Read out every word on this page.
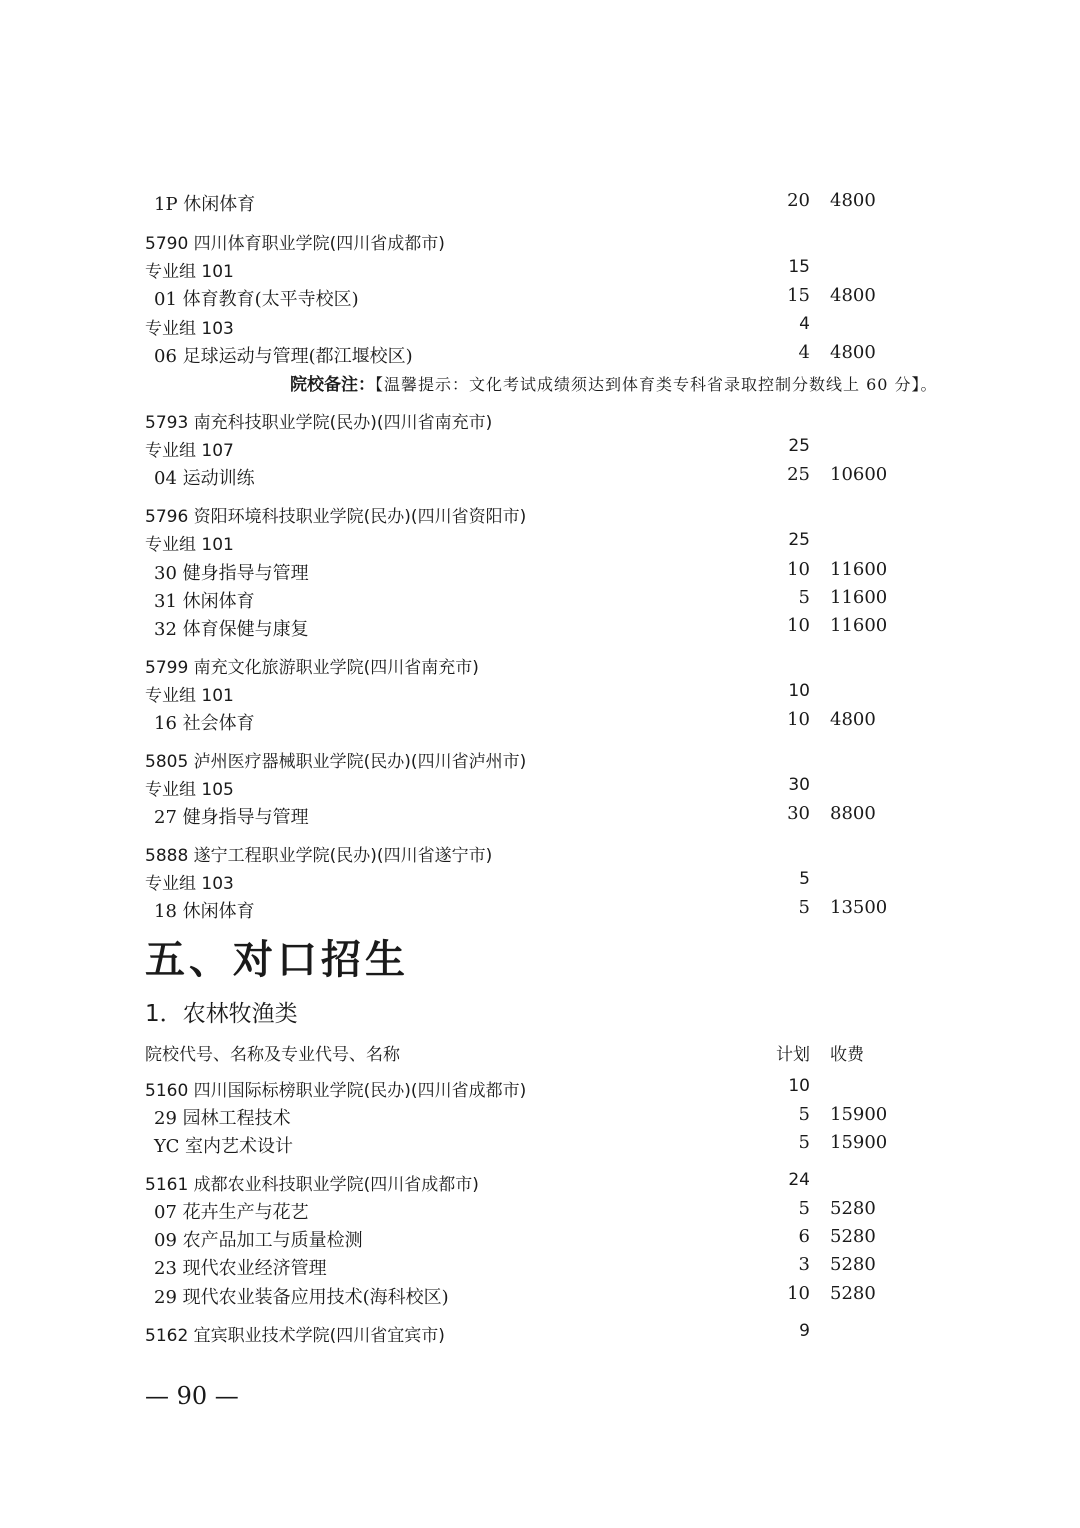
1P 休闲体育	20 4800
5790 四川体育职业学院(四川省成都市)
专业组 101	15
01 体育教育(太平寺校区)	15 4800
专业组 103	4
06 足球运动与管理(都江堰校区)	4 4800
院校备注：【温馨提示：文化考试成绩须达到体育类专科省录取控制分数线上 60 分】。
5793 南充科技职业学院(民办)(四川省南充市)
专业组 107	25
04 运动训练	25 10600
5796 资阳环境科技职业学院(民办)(四川省资阳市)
专业组 101	25
30 健身指导与管理	10 11600
31 休闲体育	5 11600
32 体育保健与康复	10 11600
5799 南充文化旅游职业学院(四川省南充市)
专业组 101	10
16 社会体育	10 4800
5805 泸州医疗器械职业学院(民办)(四川省泸州市)
专业组 105	30
27 健身指导与管理	30 8800
5888 遂宁工程职业学院(民办)(四川省遂宁市)
专业组 103	5
18 休闲体育	5 13500
五、对口招生
1．农林牧渔类
院校代号、名称及专业代号、名称	计划 收费
5160 四川国际标榜职业学院(民办)(四川省成都市)	10
29 园林工程技术	5 15900
YC 室内艺术设计	5 15900
5161 成都农业科技职业学院(四川省成都市)	24
07 花卉生产与花艺	5 5280
09 农产品加工与质量检测	6 5280
23 现代农业经济管理	3 5280
29 现代农业装备应用技术(海科校区)	10 5280
5162 宜宾职业技术学院(四川省宜宾市)	9
— 90 —
